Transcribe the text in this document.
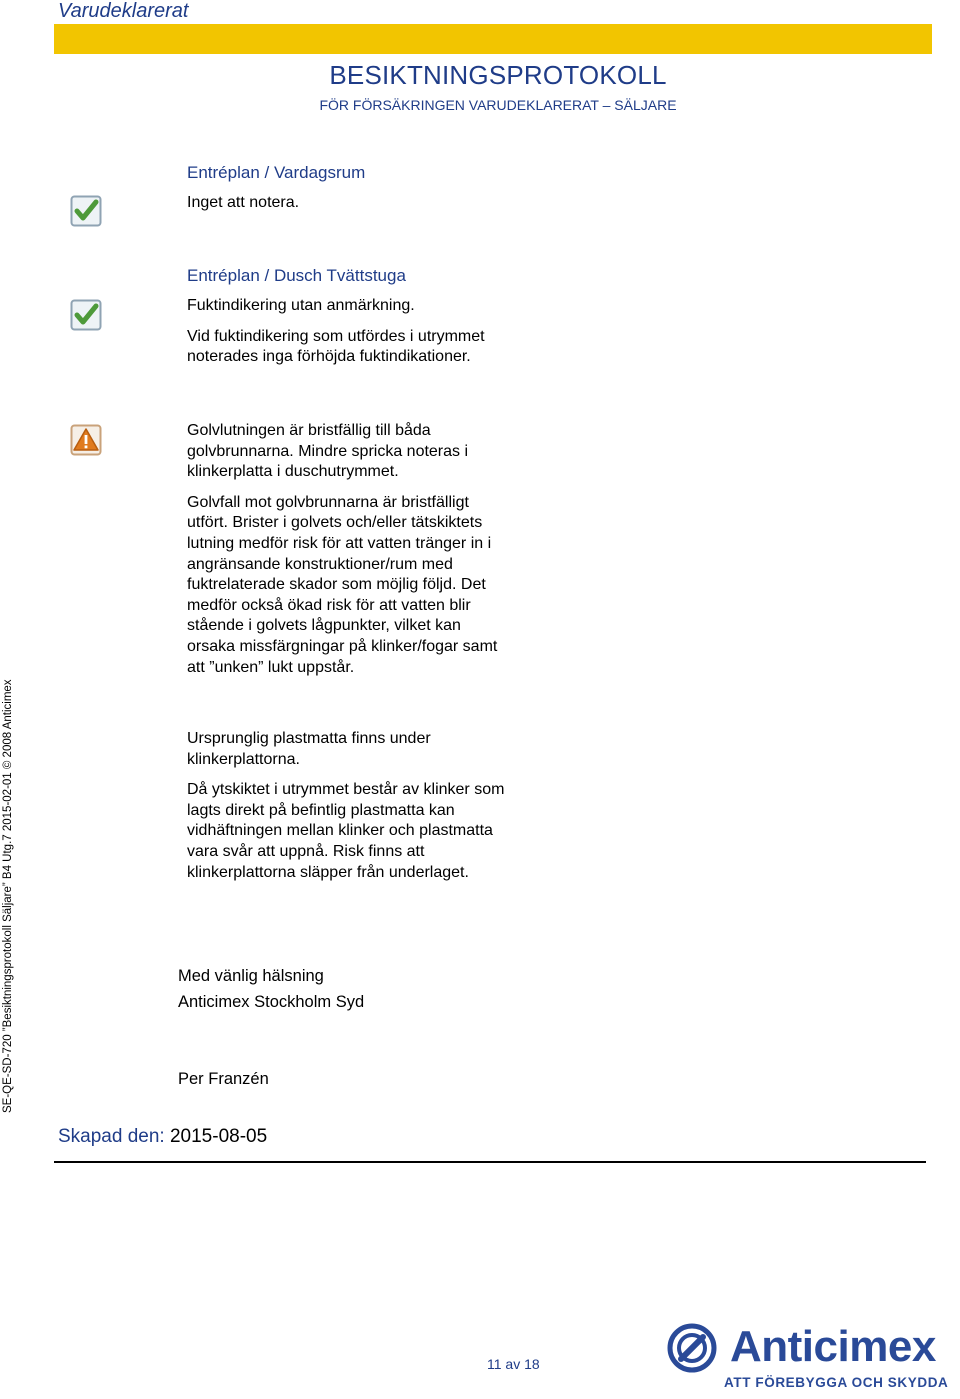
Varudeklarerat
BESIKTNINGSPROTOKOLL
FÖR FÖRSÄKRINGEN VARUDEKLARERAT – SÄLJARE
Entréplan / Vardagsrum

Inget att notera.

Entréplan / Dusch Tvättstuga

Fuktindikering utan anmärkning.

Vid fuktindikering som utfördes i utrymmet
noterades inga förhöjda fuktindikationer.

Golvlutningen är bristfällig till båda
golvbrunnarna. Mindre spricka noteras i
klinkerplatta i duschutrymmet.

Golvfall mot golvbrunnarna är bristfälligt
utfört. Brister i golvets och/eller tätskiktets
lutning medför risk för att vatten tränger in i
angränsande konstruktioner/rum med
fuktrelaterade skador som möjlig följd. Det
medför också ökad risk för att vatten blir
stående i golvets lågpunkter, vilket kan
orsaka missfärgningar på klinker/fogar samt
att ”unken” lukt uppstår.

Ursprunglig plastmatta finns under
klinkerplattorna.

Då ytskiktet i utrymmet består av klinker som
lagts direkt på befintlig plastmatta kan
vidhäftningen mellan klinker och plastmatta
vara svår att uppnå. Risk finns att
klinkerplattorna släpper från underlaget.

Med vänlig hälsning
Anticimex Stockholm Syd
Per Franzén
SE-QE-SD-720 ”Besiktningsprotokoll Säljare” B4 Utg.7 2015-02-01 © 2008 Anticimex
Skapad den: 2015-08-05
11 av 18	Anticimex
ATT FÖREBYGGA OCH SKYDDA
